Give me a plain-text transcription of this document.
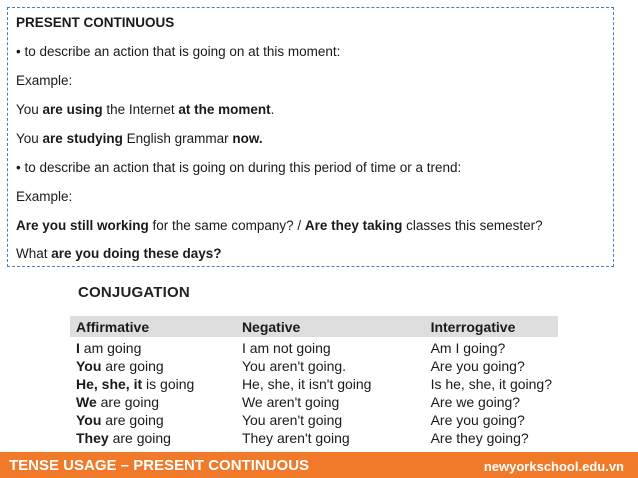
PRESENT CONTINUOUS
• to describe an action that is going on at this moment:
Example:
You are using the Internet at the moment.
You are studying English grammar now.
• to describe an action that is going on during this period of time or a trend:
Example:
Are you still working for the same company? / Are they taking classes this semester?
What are you doing these days?
CONJUGATION
Affirmative	Negative	Interrogative
I am going	I am not going	Am I going?
You are going	You aren't going.	Are you going?
He, she, it is going	He, she, it isn't going	Is he, she, it going?
We are going	We aren't going	Are we going?
You are going	You aren't going	Are you going?
They are going	They aren't going	Are they going?
TENSE USAGE – PRESENT CONTINUOUS	newyorkschool.edu.vn
